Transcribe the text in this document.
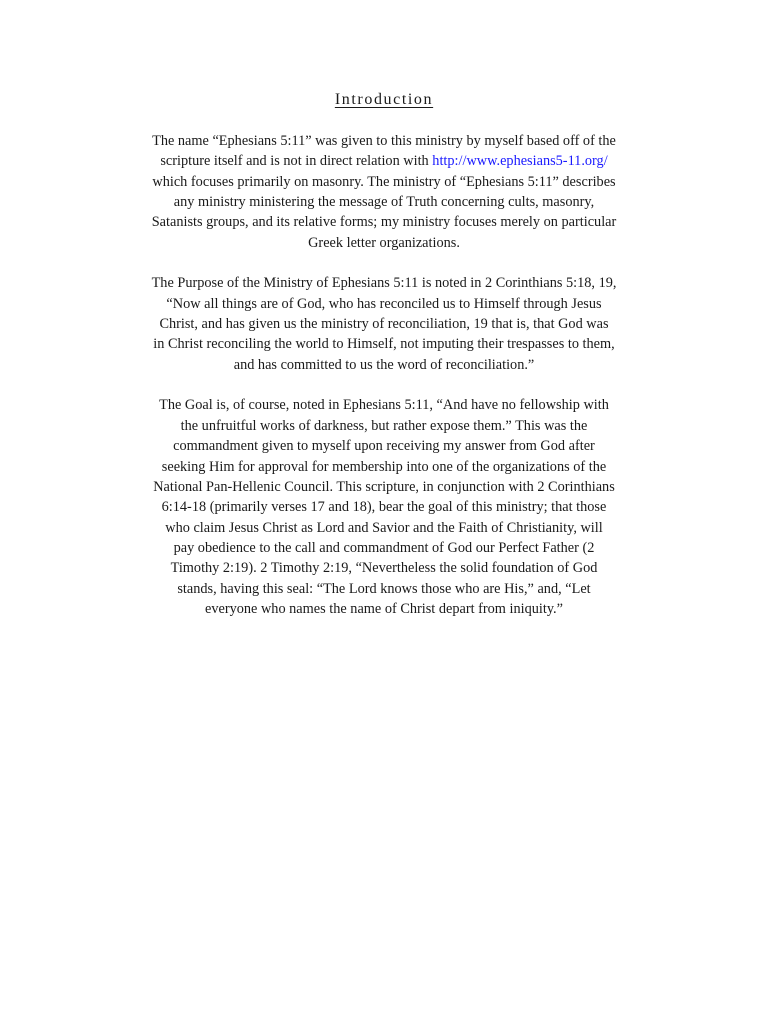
Introduction

The name “Ephesians 5:11” was given to this ministry by myself based off of the
scripture itself and is not in direct relation with http://www.ephesians5-11.org/
which focuses primarily on masonry. The ministry of “Ephesians 5:11” describes
any ministry ministering the message of Truth concerning cults, masonry,
Satanists groups, and its relative forms; my ministry focuses merely on particular
Greek letter organizations.

The Purpose of the Ministry of Ephesians 5:11 is noted in 2 Corinthians 5:18, 19,
“Now all things are of God, who has reconciled us to Himself through Jesus
Christ, and has given us the ministry of reconciliation, 19 that is, that God was
in Christ reconciling the world to Himself, not imputing their trespasses to them,
and has committed to us the word of reconciliation.”

The Goal is, of course, noted in Ephesians 5:11, “And have no fellowship with
the unfruitful works of darkness, but rather expose them.” This was the
commandment given to myself upon receiving my answer from God after
seeking Him for approval for membership into one of the organizations of the
National Pan-Hellenic Council. This scripture, in conjunction with 2 Corinthians
6:14-18 (primarily verses 17 and 18), bear the goal of this ministry; that those
who claim Jesus Christ as Lord and Savior and the Faith of Christianity, will
pay obedience to the call and commandment of God our Perfect Father (2
Timothy 2:19). 2 Timothy 2:19, “Nevertheless the solid foundation of God
stands, having this seal: “The Lord knows those who are His,” and, “Let
everyone who names the name of Christ depart from iniquity.”
